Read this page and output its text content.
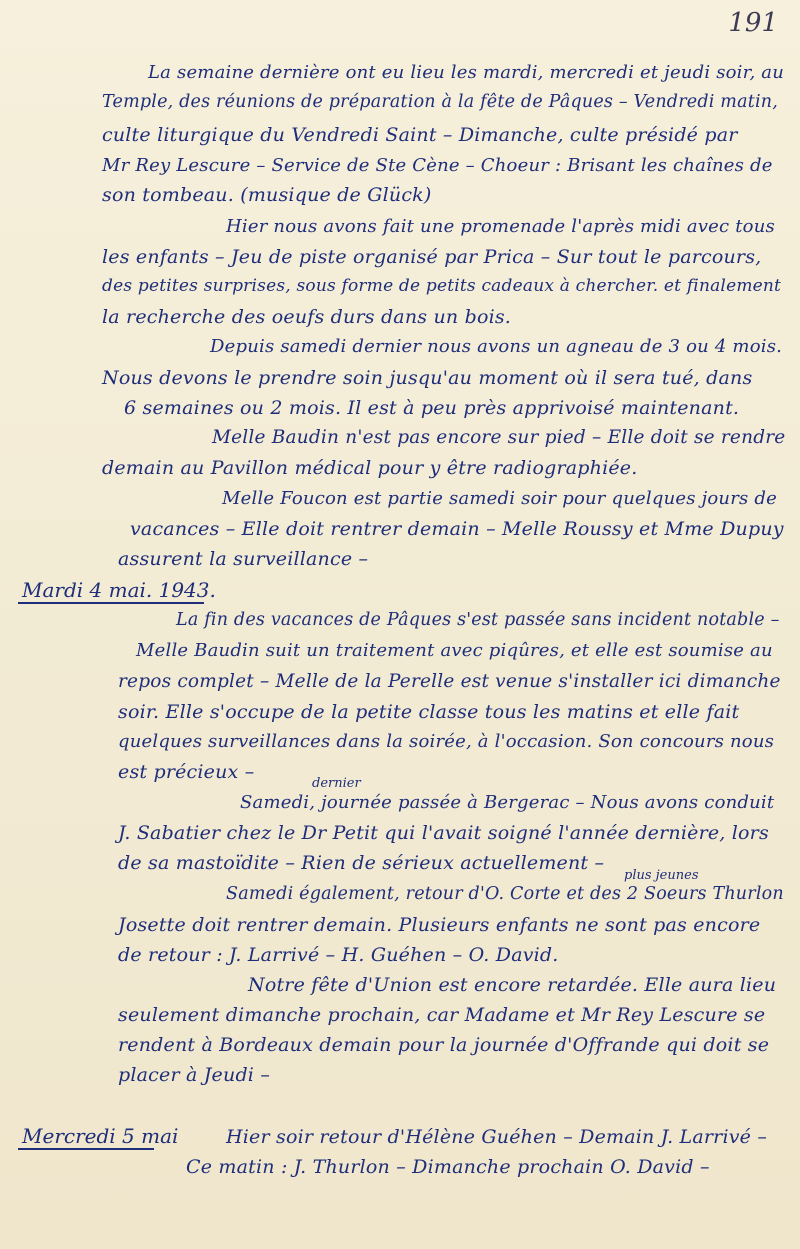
191
La semaine dernière ont eu lieu les mardi, mercredi et jeudi soir, au
Temple, des réunions de préparation à la fête de Pâques – Vendredi matin,
culte liturgique du Vendredi Saint – Dimanche, culte présidé par
Mr Rey Lescure – Service de Ste Cène – Choeur : Brisant les chaînes de
son tombeau. (musique de Glück)
Hier nous avons fait une promenade l'après midi avec tous
les enfants – Jeu de piste organisé par Prica – Sur tout le parcours,
des petites surprises, sous forme de petits cadeaux à chercher. et finalement
la recherche des oeufs durs dans un bois.
Depuis samedi dernier nous avons un agneau de 3 ou 4 mois.
Nous devons le prendre soin jusqu'au moment où il sera tué, dans
6 semaines ou 2 mois. Il est à peu près apprivoisé maintenant.
Melle Baudin n'est pas encore sur pied – Elle doit se rendre
demain au Pavillon médical pour y être radiographiée.
Melle Foucon est partie samedi soir pour quelques jours de
vacances – Elle doit rentrer demain – Melle Roussy et Mme Dupuy
assurent la surveillance –
Mardi 4 mai. 1943.
La fin des vacances de Pâques s'est passée sans incident notable –
Melle Baudin suit un traitement avec piqûres, et elle est soumise au
repos complet – Melle de la Perelle est venue s'installer ici dimanche
soir. Elle s'occupe de la petite classe tous les matins et elle fait
quelques surveillances dans la soirée, à l'occasion. Son concours nous
est précieux –
dernier
Samedi, journée passée à Bergerac – Nous avons conduit
J. Sabatier chez le Dr Petit qui l'avait soigné l'année dernière, lors
de sa mastoïdite – Rien de sérieux actuellement –
plus jeunes
Samedi également, retour d'O. Corte et des 2 Soeurs Thurlon
Josette doit rentrer demain. Plusieurs enfants ne sont pas encore
de retour : J. Larrivé – H. Guéhen – O. David.
Notre fête d'Union est encore retardée. Elle aura lieu
seulement dimanche prochain, car Madame et Mr Rey Lescure se
rendent à Bordeaux demain pour la journée d'Offrande qui doit se
placer à Jeudi –
Mercredi 5 mai	Hier soir retour d'Hélène Guéhen – Demain J. Larrivé –
Ce matin : J. Thurlon – Dimanche prochain O. David –
